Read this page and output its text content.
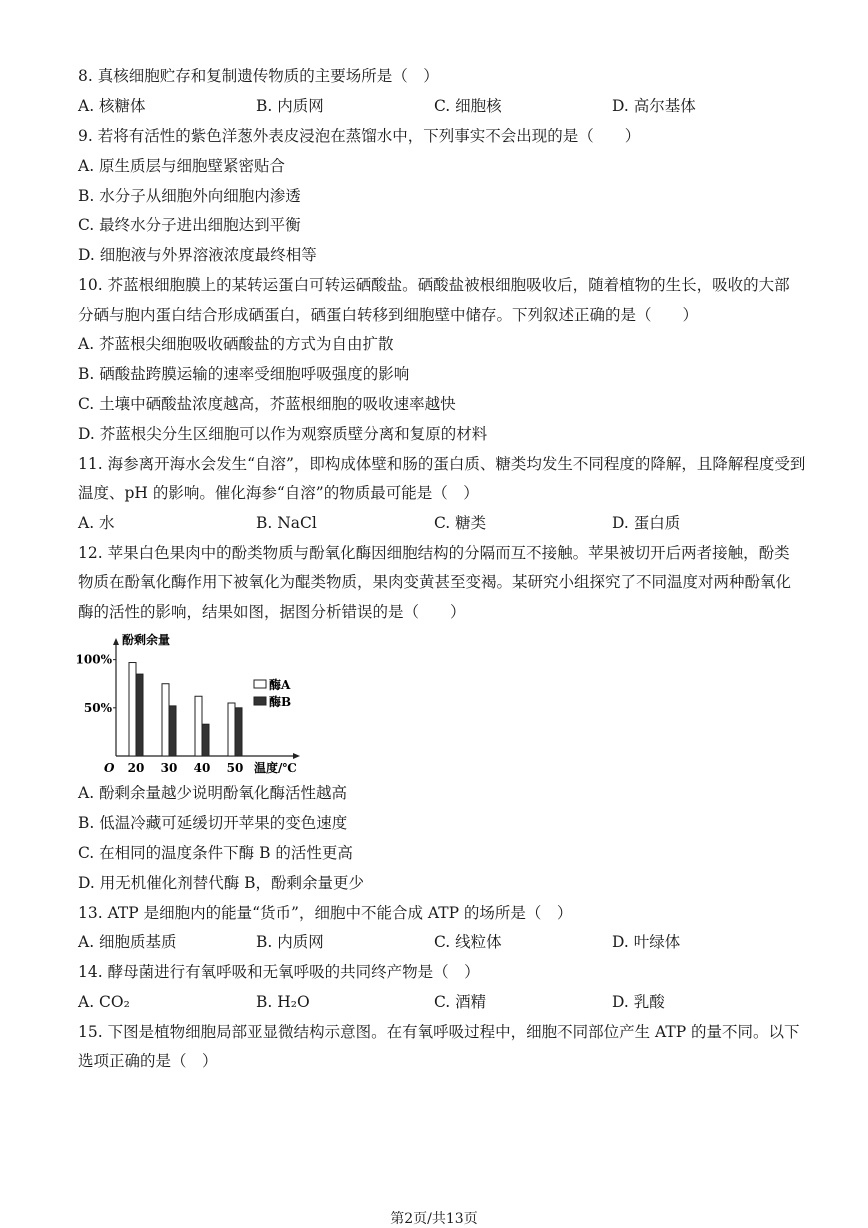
8. 真核细胞贮存和复制遗传物质的主要场所是（　）
A. 核糖体	B. 内质网	C. 细胞核	D. 高尔基体
9. 若将有活性的紫色洋葱外表皮浸泡在蒸馏水中，下列事实不会出现的是（　　）
A. 原生质层与细胞壁紧密贴合
B. 水分子从细胞外向细胞内渗透
C. 最终水分子进出细胞达到平衡
D. 细胞液与外界溶液浓度最终相等
10. 芥蓝根细胞膜上的某转运蛋白可转运硒酸盐。硒酸盐被根细胞吸收后，随着植物的生长，吸收的大部
分硒与胞内蛋白结合形成硒蛋白，硒蛋白转移到细胞壁中储存。下列叙述正确的是（　　）
A. 芥蓝根尖细胞吸收硒酸盐的方式为自由扩散
B. 硒酸盐跨膜运输的速率受细胞呼吸强度的影响
C. 土壤中硒酸盐浓度越高，芥蓝根细胞的吸收速率越快
D. 芥蓝根尖分生区细胞可以作为观察质壁分离和复原的材料
11. 海参离开海水会发生“自溶”，即构成体壁和肠的蛋白质、糖类均发生不同程度的降解，且降解程度受到
温度、pH 的影响。催化海参“自溶”的物质最可能是（　）
A. 水	B. NaCl	C. 糖类	D. 蛋白质
12. 苹果白色果肉中的酚类物质与酚氧化酶因细胞结构的分隔而互不接触。苹果被切开后两者接触，酚类
物质在酚氧化酶作用下被氧化为醌类物质，果肉变黄甚至变褐。某研究小组探究了不同温度对两种酚氧化
酶的活性的影响，结果如图，据图分析错误的是（　　）
酚剩余量
50%
100%
O 20 30 40 50 温度/℃
酶A
酶B
A. 酚剩余量越少说明酚氧化酶活性越高
B. 低温冷藏可延缓切开苹果的变色速度
C. 在相同的温度条件下酶 B 的活性更高
D. 用无机催化剂替代酶 B，酚剩余量更少
13. ATP 是细胞内的能量“货币”，细胞中不能合成 ATP 的场所是（　）
A. 细胞质基质	B. 内质网	C. 线粒体	D. 叶绿体
14. 酵母菌进行有氧呼吸和无氧呼吸的共同终产物是（　）
A. CO₂	B. H₂O	C. 酒精	D. 乳酸
15. 下图是植物细胞局部亚显微结构示意图。在有氧呼吸过程中，细胞不同部位产生 ATP 的量不同。以下
选项正确的是（　）
第2页/共13页
